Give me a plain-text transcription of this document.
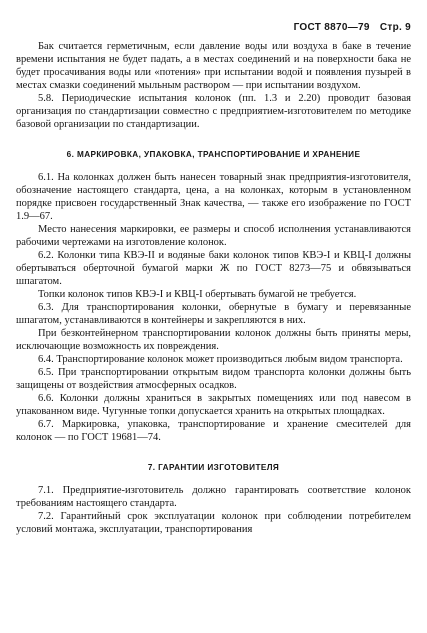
ГОСТ 8870—79 Стр. 9

Бак считается герметичным, если давление воды или воздуха в баке в течение времени испытания не будет падать, а в местах соединений и на поверхности бака не будет просачивания воды или «потения» при испытании водой и появления пузырей в местах смазки соединений мыльным раствором — при испытании воздухом.

5.8. Периодические испытания колонок (пп. 1.3 и 2.20) проводит базовая организация по стандартизации совместно с предприятием-изготовителем по методике базовой организации по стандартизации.

6. МАРКИРОВКА, УПАКОВКА, ТРАНСПОРТИРОВАНИЕ И ХРАНЕНИЕ

6.1. На колонках должен быть нанесен товарный знак предприятия-изготовителя, обозначение настоящего стандарта, цена, а на колонках, которым в установленном порядке присвоен государственный Знак качества, — также его изображение по ГОСТ 1.9—67.

Место нанесения маркировки, ее размеры и способ исполнения устанавливаются рабочими чертежами на изготовление колонок.

6.2. Колонки типа КВЭ-II и водяные баки колонок типов КВЭ-I и КВЦ-I должны обертываться оберточной бумагой марки Ж по ГОСТ 8273—75 и обвязываться шпагатом.

Топки колонок типов КВЭ-I и КВЦ-I обертывать бумагой не требуется.

6.3. Для транспортирования колонки, обернутые в бумагу и перевязанные шпагатом, устанавливаются в контейнеры и закрепляются в них.

При безконтейнерном транспортировании колонок должны быть приняты меры, исключающие возможность их повреждения.

6.4. Транспортирование колонок может производиться любым видом транспорта.

6.5. При транспортировании открытым видом транспорта колонки должны быть защищены от воздействия атмосферных осадков.

6.6. Колонки должны храниться в закрытых помещениях или под навесом в упакованном виде. Чугунные топки допускается хранить на открытых площадках.

6.7. Маркировка, упаковка, транспортирование и хранение смесителей для колонок — по ГОСТ 19681—74.

7. ГАРАНТИИ ИЗГОТОВИТЕЛЯ

7.1. Предприятие-изготовитель должно гарантировать соответствие колонок требованиям настоящего стандарта.

7.2. Гарантийный срок эксплуатации колонок при соблюдении потребителем условий монтажа, эксплуатации, транспортирования
